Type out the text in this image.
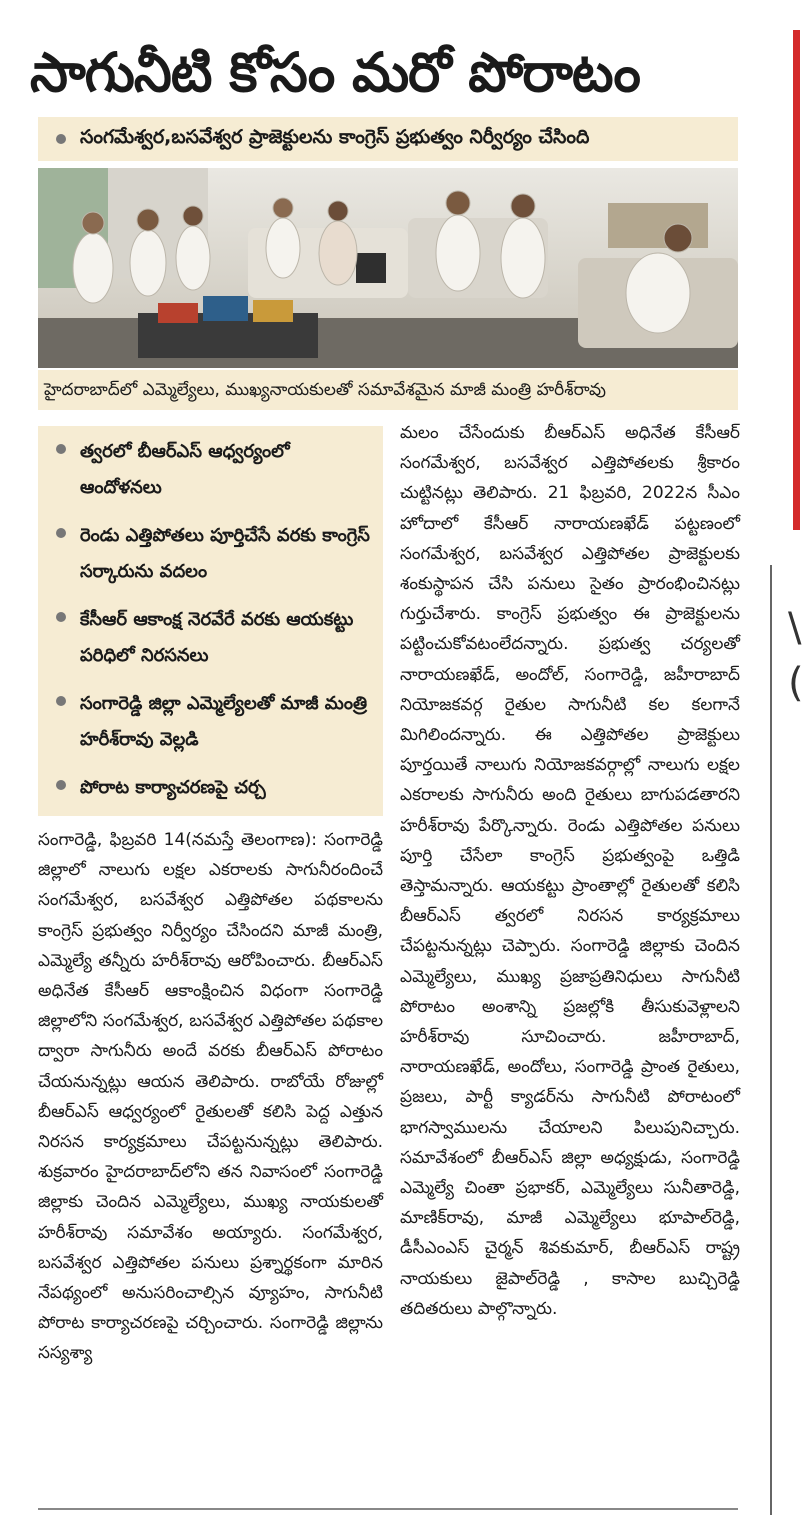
\
(
సాగునీటి కోసం మరో పోరాటం
సంగమేశ్వర,బసవేశ్వర ప్రాజెక్టులను కాంగ్రెస్ ప్రభుత్వం నిర్వీర్యం చేసింది
హైదరాబాద్‌లో ఎమ్మెల్యేలు, ముఖ్యనాయకులతో సమావేశమైన మాజీ మంత్రి హరీశ్‌రావు
త్వరలో బీఆర్‌ఎస్ ఆధ్వర్యంలో ఆందోళనలు
రెండు ఎత్తిపోతలు పూర్తిచేసే వరకు కాంగ్రెస్ సర్కారును వదలం
కేసీఆర్ ఆకాంక్ష నెరవేరే వరకు ఆయకట్టు పరిధిలో నిరసనలు
సంగారెడ్డి జిల్లా ఎమ్మెల్యేలతో మాజీ మంత్రి హరీశ్‌రావు వెల్లడి
పోరాట కార్యాచరణపై చర్చ
సంగారెడ్డి, ఫిబ్రవరి 14(నమస్తే తెలంగాణ): సంగారెడ్డి జిల్లాలో నాలుగు లక్షల ఎకరాలకు సాగునీరందించే సంగమేశ్వర, బసవేశ్వర ఎత్తిపోతల పథకాలను కాంగ్రెస్ ప్రభుత్వం నిర్వీర్యం చేసిందని మాజీ మంత్రి, ఎమ్మెల్యే తన్నీరు హరీశ్‌రావు ఆరోపించారు. బీఆర్‌ఎస్ అధినేత కేసీఆర్ ఆకాంక్షించిన విధంగా సంగారెడ్డి జిల్లాలోని సంగమేశ్వర, బసవేశ్వర ఎత్తిపోతల పథకాల ద్వారా సాగునీరు అందే వరకు బీఆర్‌ఎస్ పోరాటం చేయనున్నట్లు ఆయన తెలిపారు. రాబోయే రోజుల్లో బీఆర్‌ఎస్ ఆధ్వర్యంలో రైతులతో కలిసి పెద్ద ఎత్తున నిరసన కార్యక్రమాలు చేపట్టనున్నట్లు తెలిపారు. శుక్రవారం హైదరాబాద్‌లోని తన నివాసంలో సంగారెడ్డి జిల్లాకు చెందిన ఎమ్మెల్యేలు, ముఖ్య నాయకులతో హరీశ్‌రావు సమావేశం అయ్యారు. సంగమేశ్వర, బసవేశ్వర ఎత్తిపోతల పనులు ప్రశ్నార్థకంగా మారిన నేపథ్యంలో అనుసరించాల్సిన వ్యూహం, సాగునీటి పోరాట కార్యాచరణపై చర్చించారు. సంగారెడ్డి జిల్లాను సస్యశ్యా
మలం చేసేందుకు బీఆర్‌ఎస్ అధినేత కేసీఆర్ సంగమేశ్వర, బసవేశ్వర ఎత్తిపోతలకు శ్రీకారం చుట్టినట్లు తెలిపారు. 21 ఫిబ్రవరి, 2022న సీఎం హోదాలో కేసీఆర్ నారాయణఖేడ్ పట్టణంలో సంగమేశ్వర, బసవేశ్వర ఎత్తిపోతల ప్రాజెక్టులకు శంకుస్థాపన చేసి పనులు సైతం ప్రారంభించినట్లు గుర్తుచేశారు. కాంగ్రెస్ ప్రభుత్వం ఈ ప్రాజెక్టులను పట్టించుకోవటంలేదన్నారు. ప్రభుత్వ చర్యలతో నారాయణఖేడ్, అందోల్, సంగారెడ్డి, జహీరాబాద్ నియోజకవర్గ రైతుల సాగునీటి కల కలగానే మిగిలిందన్నారు. ఈ ఎత్తిపోతల ప్రాజెక్టులు పూర్తయితే నాలుగు నియోజకవర్గాల్లో నాలుగు లక్షల ఎకరాలకు సాగునీరు అంది రైతులు బాగుపడతారని హరీశ్‌రావు పేర్కొన్నారు. రెండు ఎత్తిపోతల పనులు పూర్తి చేసేలా కాంగ్రెస్ ప్రభుత్వంపై ఒత్తిడి తెస్తామన్నారు. ఆయకట్టు ప్రాంతాల్లో రైతులతో కలిసి బీఆర్‌ఎస్ త్వరలో నిరసన కార్యక్రమాలు చేపట్టనున్నట్లు చెప్పారు. సంగారెడ్డి జిల్లాకు చెందిన ఎమ్మెల్యేలు, ముఖ్య ప్రజాప్రతినిధులు సాగునీటి పోరాటం అంశాన్ని ప్రజల్లోకి తీసుకువెళ్లాలని హరీశ్‌రావు సూచించారు. జహీరాబాద్, నారాయణఖేడ్, అందోలు, సంగారెడ్డి ప్రాంత రైతులు, ప్రజలు, పార్టీ క్యాడర్‌ను సాగునీటి పోరాటంలో భాగస్వాములను చేయాలని పిలుపునిచ్చారు. సమావేశంలో బీఆర్‌ఎస్ జిల్లా అధ్యక్షుడు, సంగారెడ్డి ఎమ్మెల్యే చింతా ప్రభాకర్, ఎమ్మెల్యేలు సునీతారెడ్డి, మాణిక్‌రావు, మాజీ ఎమ్మెల్యేలు భూపాల్‌రెడ్డి, డీసీఎంఎస్ చైర్మన్ శివకుమార్, బీఆర్‌ఎస్ రాష్ట్ర నాయకులు జైపాల్‌రెడ్డి , కాసాల బుచ్చిరెడ్డి తదితరులు పాల్గొన్నారు.
